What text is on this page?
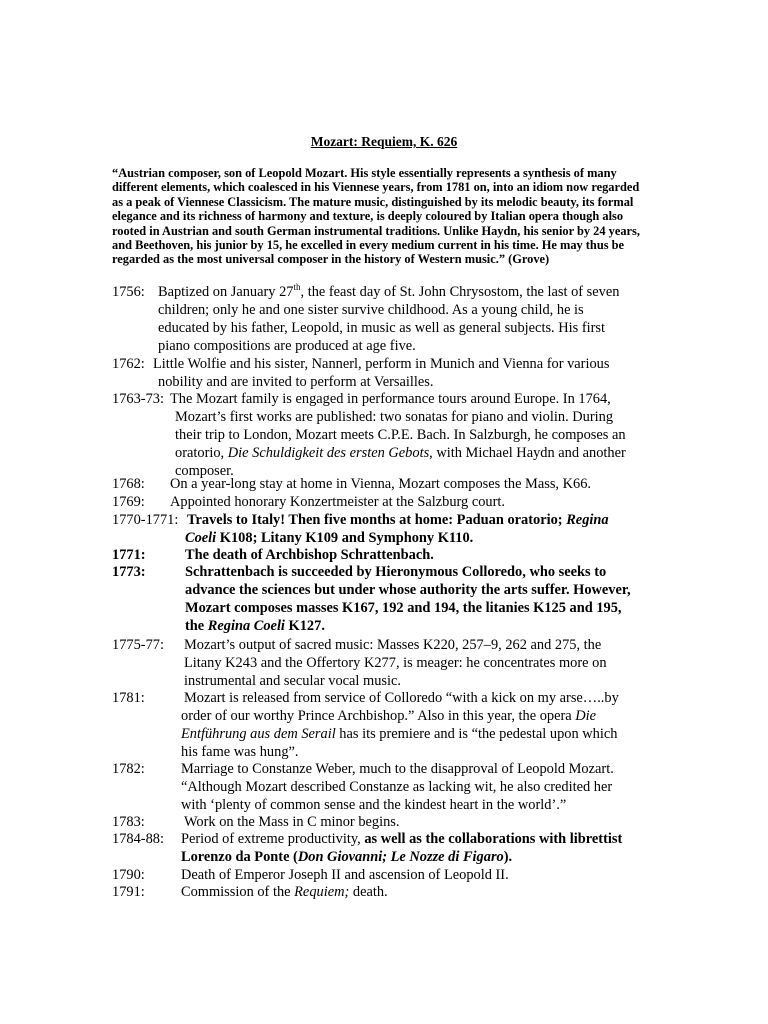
Mozart: Requiem, K. 626
“Austrian composer, son of Leopold Mozart. His style essentially represents a synthesis of many different elements, which coalesced in his Viennese years, from 1781 on, into an idiom now regarded as a peak of Viennese Classicism. The mature music, distinguished by its melodic beauty, its formal elegance and its richness of harmony and texture, is deeply coloured by Italian opera though also rooted in Austrian and south German instrumental traditions. Unlike Haydn, his senior by 24 years, and Beethoven, his junior by 15, he excelled in every medium current in his time. He may thus be regarded as the most universal composer in the history of Western music.” (Grove)
1756: Baptized on January 27th, the feast day of St. John Chrysostom, the last of seven
children; only he and one sister survive childhood. As a young child, he is
educated by his father, Leopold, in music as well as general subjects. His first
piano compositions are produced at age five.
1762: Little Wolfie and his sister, Nannerl, perform in Munich and Vienna for various
nobility and are invited to perform at Versailles.
1763-73: The Mozart family is engaged in performance tours around Europe. In 1764,
Mozart’s first works are published: two sonatas for piano and violin. During
their trip to London, Mozart meets C.P.E. Bach. In Salzburgh, he composes an
oratorio, Die Schuldigkeit des ersten Gebots, with Michael Haydn and another
composer.
1768: On a year-long stay at home in Vienna, Mozart composes the Mass, K66.
1769: Appointed honorary Konzertmeister at the Salzburg court.
1770-1771: Travels to Italy! Then five months at home: Paduan oratorio; Regina
Coeli K108; Litany K109 and Symphony K110.
1771:	The death of Archbishop Schrattenbach.
1773:	Schrattenbach is succeeded by Hieronymous Colloredo, who seeks to
advance the sciences but under whose authority the arts suffer. However,
Mozart composes masses K167, 192 and 194, the litanies K125 and 195,
the Regina Coeli K127.
1775-77: Mozart’s output of sacred music: Masses K220, 257–9, 262 and 275, the
Litany K243 and the Offertory K277, is meager: he concentrates more on
instrumental and secular vocal music.
1781:	Mozart is released from service of Colloredo “with a kick on my arse…..by
order of our worthy Prince Archbishop.” Also in this year, the opera Die
Entführung aus dem Serail has its premiere and is “the pedestal upon which
his fame was hung”.
1782:	Marriage to Constanze Weber, much to the disapproval of Leopold Mozart.
“Although Mozart described Constanze as lacking wit, he also credited her
with ‘plenty of common sense and the kindest heart in the world’.”
1783:	Work on the Mass in C minor begins.
1784-88: Period of extreme productivity, as well as the collaborations with librettist
Lorenzo da Ponte (Don Giovanni; Le Nozze di Figaro).
1790:	Death of Emperor Joseph II and ascension of Leopold II.
1791:	Commission of the Requiem; death.
